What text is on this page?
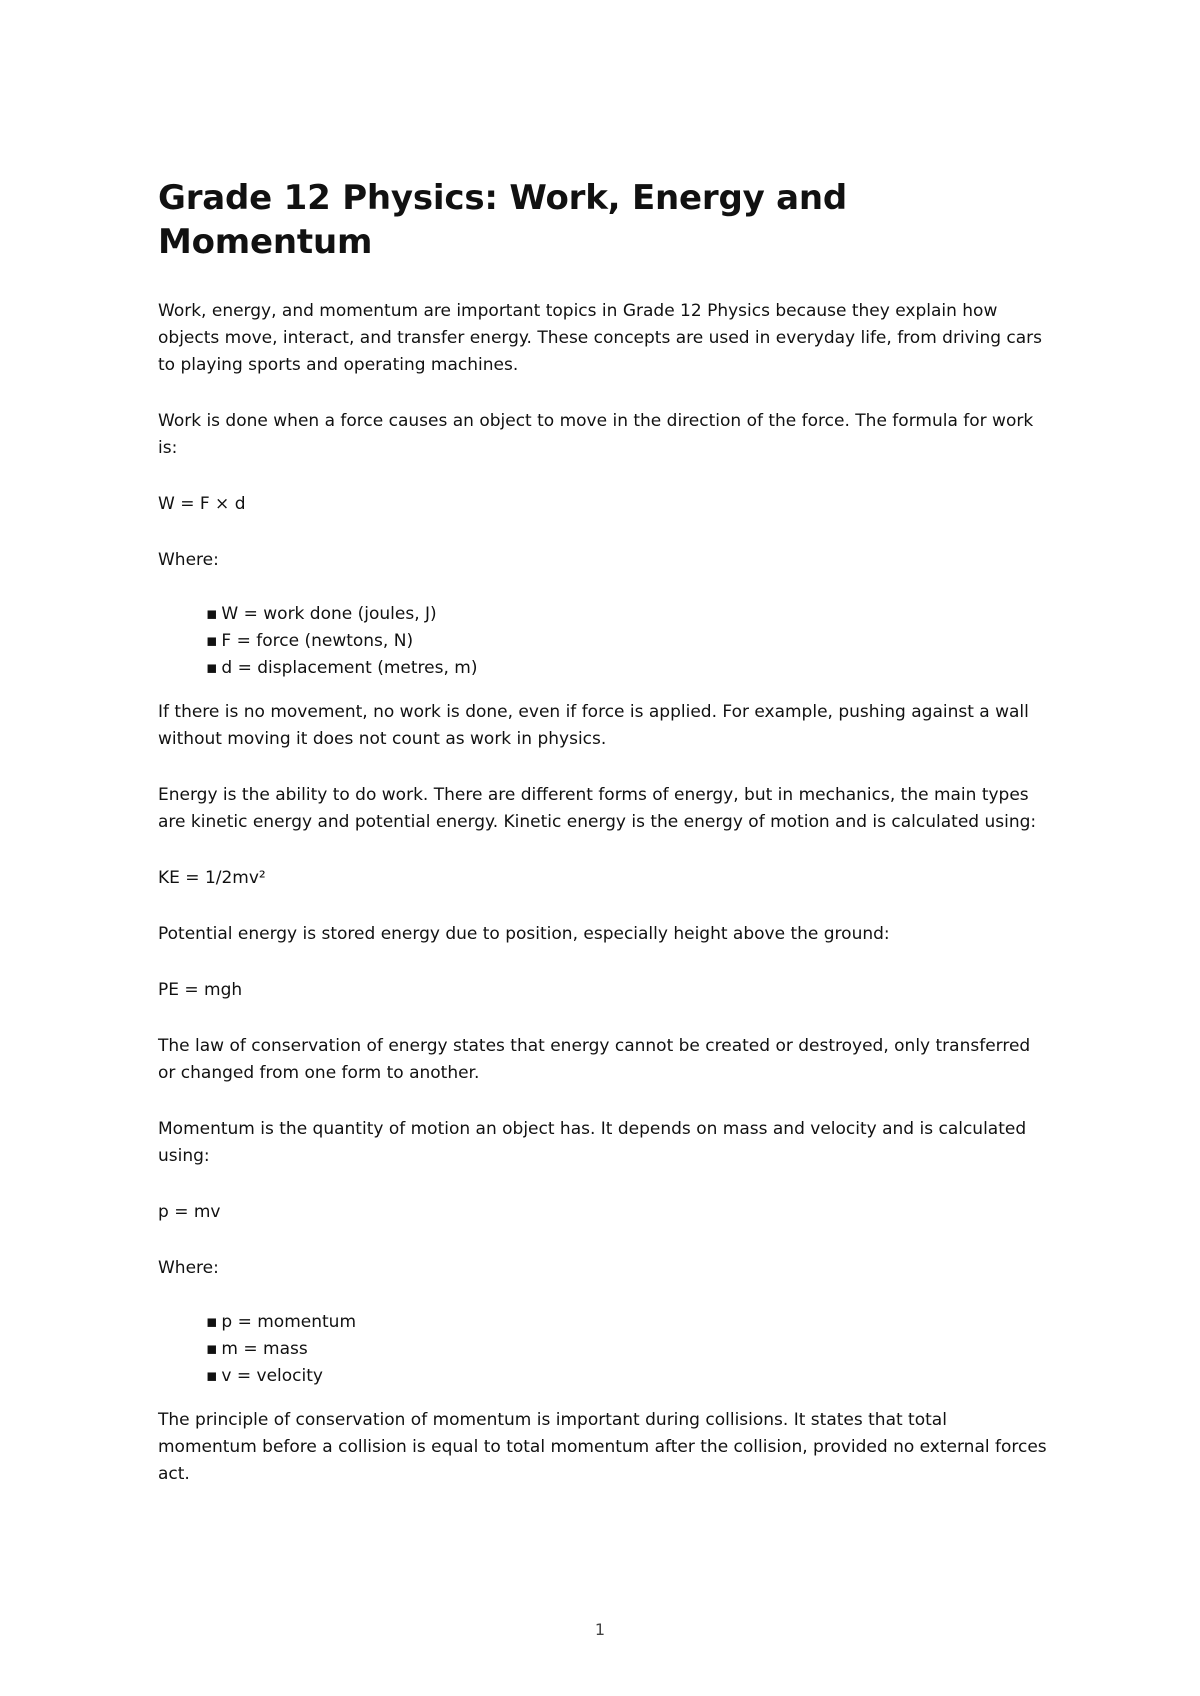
Grade 12 Physics: Work, Energy and Momentum

Work, energy, and momentum are important topics in Grade 12 Physics because they explain how objects move, interact, and transfer energy. These concepts are used in everyday life, from driving cars to playing sports and operating machines.

Work is done when a force causes an object to move in the direction of the force. The formula for work is:

W = F × d

Where:

▪ W = work done (joules, J)
▪ F = force (newtons, N)
▪ d = displacement (metres, m)

If there is no movement, no work is done, even if force is applied. For example, pushing against a wall without moving it does not count as work in physics.

Energy is the ability to do work. There are different forms of energy, but in mechanics, the main types are kinetic energy and potential energy. Kinetic energy is the energy of motion and is calculated using:

KE = 1/2mv²

Potential energy is stored energy due to position, especially height above the ground:

PE = mgh

The law of conservation of energy states that energy cannot be created or destroyed, only transferred or changed from one form to another.

Momentum is the quantity of motion an object has. It depends on mass and velocity and is calculated using:

p = mv

Where:

▪ p = momentum
▪ m = mass
▪ v = velocity

The principle of conservation of momentum is important during collisions. It states that total momentum before a collision is equal to total momentum after the collision, provided no external forces act.

1
